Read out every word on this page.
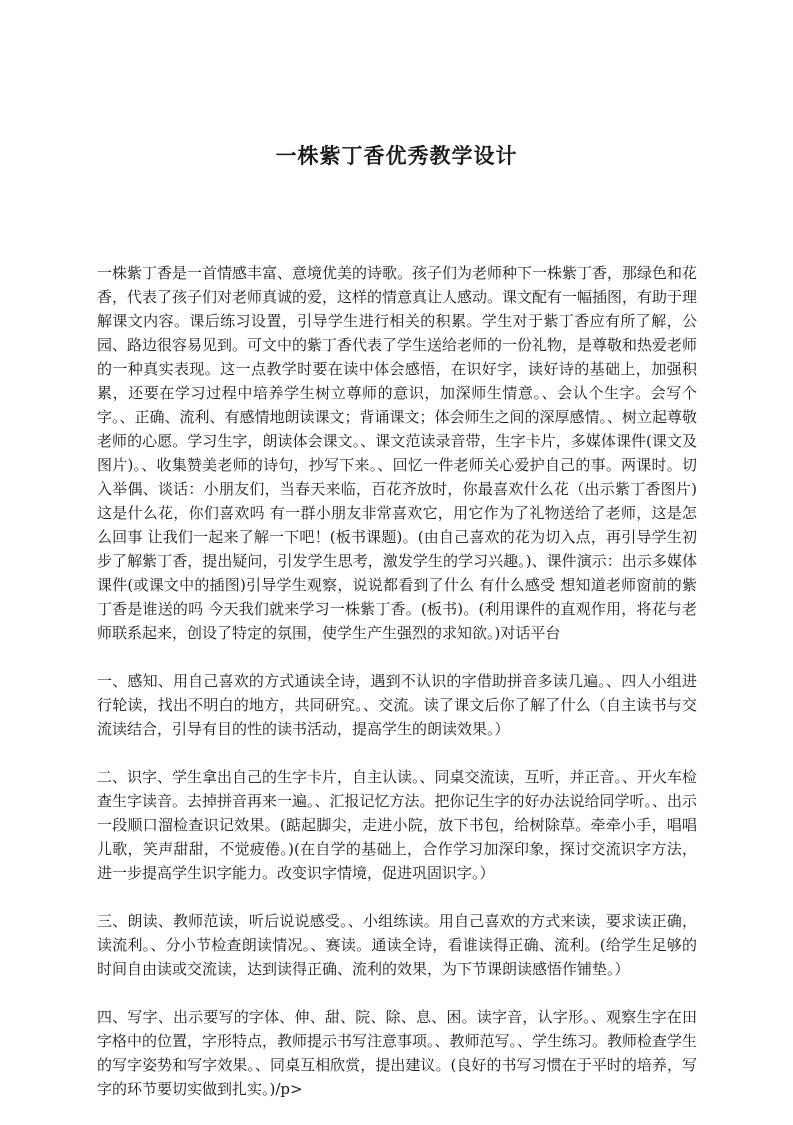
一株紫丁香优秀教学设计

一株紫丁香是一首情感丰富、意境优美的诗歌。孩子们为老师种下一株紫丁香，那绿色和花香，代表了孩子们对老师真诚的爱，这样的情意真让人感动。课文配有一幅插图，有助于理解课文内容。课后练习设置，引导学生进行相关的积累。学生对于紫丁香应有所了解，公园、路边很容易见到。可文中的紫丁香代表了学生送给老师的一份礼物，是尊敬和热爱老师的一种真实表现。这一点教学时要在读中体会感悟，在识好字，读好诗的基础上，加强积累，还要在学习过程中培养学生树立尊师的意识，加深师生情意。、会认个生字。会写个字。、正确、流利、有感情地朗读课文；背诵课文；体会师生之间的深厚感情。、树立起尊敬老师的心愿。学习生字，朗读体会课文。、课文范读录音带，生字卡片，多媒体课件(课文及图片)。、收集赞美老师的诗句，抄写下来。、回忆一件老师关心爱护自己的事。两课时。切入举偶、谈话：小朋友们，当春天来临，百花齐放时，你最喜欢什么花（出示紫丁香图片)这是什么花，你们喜欢吗 有一群小朋友非常喜欢它，用它作为了礼物送给了老师，这是怎么回事 让我们一起来了解一下吧！(板书课题)。(由自己喜欢的花为切入点，再引导学生初步了解紫丁香，提出疑问，引发学生思考，激发学生的学习兴趣。)、课件演示：出示多媒体课件(或课文中的插图)引导学生观察，说说都看到了什么 有什么感受 想知道老师窗前的紫丁香是谁送的吗 今天我们就来学习一株紫丁香。(板书)。(利用课件的直观作用，将花与老师联系起来，创设了特定的氛围，使学生产生强烈的求知欲。)对话平台

一、感知、用自己喜欢的方式通读全诗，遇到不认识的字借助拼音多读几遍。、四人小组进行轮读，找出不明白的地方，共同研究。、交流。读了课文后你了解了什么（自主读书与交流读结合，引导有目的性的读书活动，提高学生的朗读效果。）

二、识字、学生拿出自己的生字卡片，自主认读。、同桌交流读，互听，并正音。、开火车检查生字读音。去掉拼音再来一遍。、汇报记忆方法。把你记生字的好办法说给同学听。、出示一段顺口溜检查识记效果。(踮起脚尖，走进小院，放下书包，给树除草。牵牵小手，唱唱儿歌，笑声甜甜，不觉疲倦。)(在自学的基础上，合作学习加深印象，探讨交流识字方法，进一步提高学生识字能力。改变识字情境，促进巩固识字。）

三、朗读、教师范读，听后说说感受。、小组练读。用自己喜欢的方式来读，要求读正确，读流利。、分小节检查朗读情况。、赛读。通读全诗，看谁读得正确、流利。(给学生足够的时间自由读或交流读，达到读得正确、流利的效果，为下节课朗读感悟作铺垫。）

四、写字、出示要写的字体、伸、甜、院、除、息、困。读字音，认字形。、观察生字在田字格中的位置，字形特点，教师提示书写注意事项。、教师范写。、学生练习。教师检查学生的写字姿势和写字效果。、同桌互相欣赏，提出建议。(良好的书写习惯在于平时的培养，写字的环节要切实做到扎实。)/p>
